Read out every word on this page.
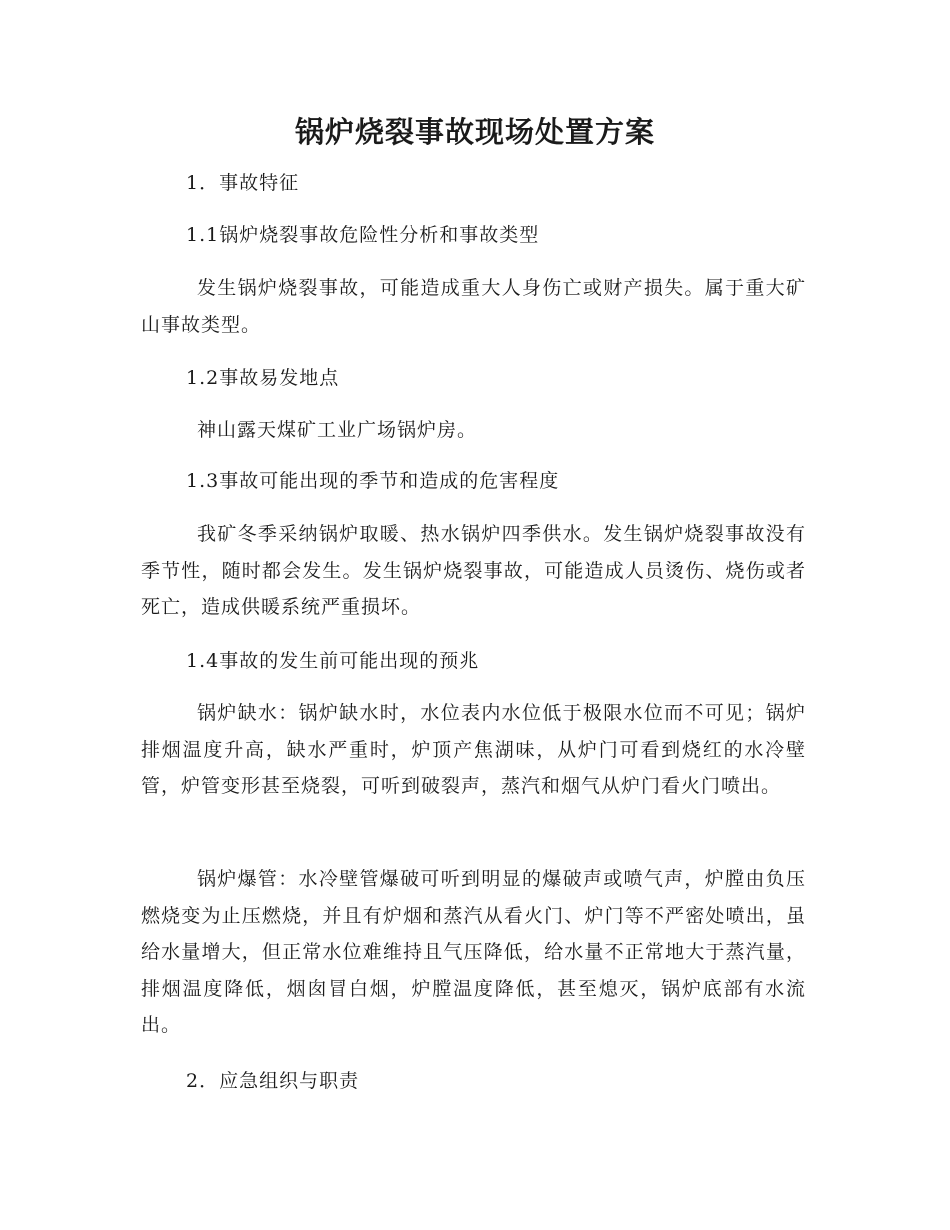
锅炉烧裂事故现场处置方案
1．事故特征
1.1锅炉烧裂事故危险性分析和事故类型
发生锅炉烧裂事故，可能造成重大人身伤亡或财产损失。属于重大矿山事故类型。
1.2事故易发地点
神山露天煤矿工业广场锅炉房。
1.3事故可能出现的季节和造成的危害程度
我矿冬季采纳锅炉取暖、热水锅炉四季供水。发生锅炉烧裂事故没有季节性，随时都会发生。发生锅炉烧裂事故，可能造成人员烫伤、烧伤或者死亡，造成供暖系统严重损坏。
1.4事故的发生前可能出现的预兆
锅炉缺水：锅炉缺水时，水位表内水位低于极限水位而不可见；锅炉排烟温度升高，缺水严重时，炉顶产焦湖味，从炉门可看到烧红的水冷壁管，炉管变形甚至烧裂，可听到破裂声，蒸汽和烟气从炉门看火门喷出。
锅炉爆管：水冷壁管爆破可听到明显的爆破声或喷气声，炉膛由负压燃烧变为止压燃烧，并且有炉烟和蒸汽从看火门、炉门等不严密处喷出，虽给水量增大，但正常水位难维持且气压降低，给水量不正常地大于蒸汽量，排烟温度降低，烟囱冒白烟，炉膛温度降低，甚至熄灭，锅炉底部有水流出。
2．应急组织与职责
